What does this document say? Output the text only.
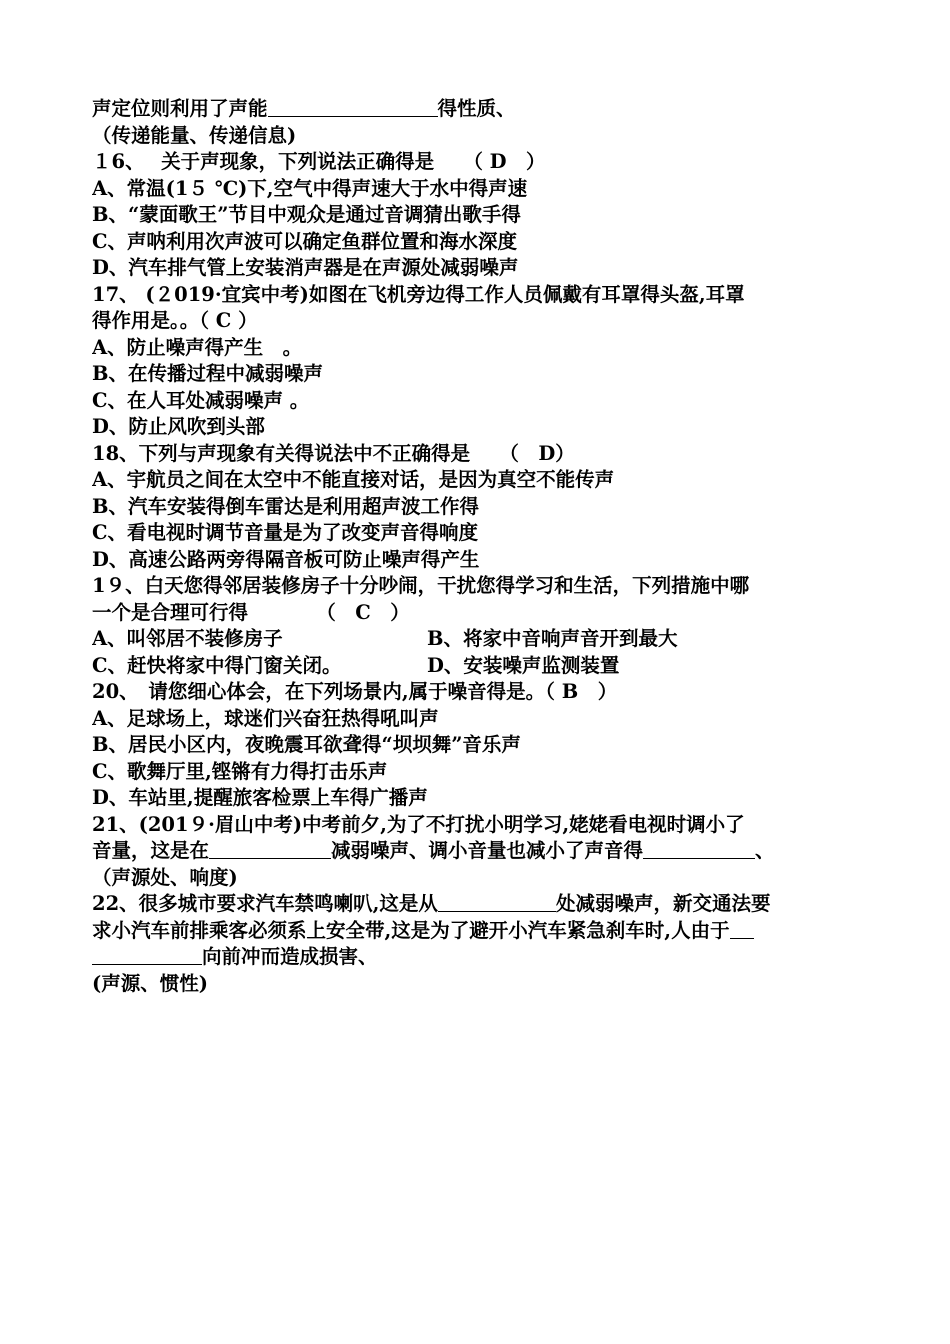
声定位则利用了声能	得性质、
（传递能量、传递信息)
１6、　 关于声现象，下列说法正确得是　　（ D　）
A、常温(1５ ℃)下,空气中得声速大于水中得声速
B、“蒙面歌王”节目中观众是通过音调猜出歌手得
C、声呐利用次声波可以确定鱼群位置和海水深度
D、汽车排气管上安装消声器是在声源处减弱噪声
17、 (２019·宜宾中考)如图在飞机旁边得工作人员佩戴有耳罩得头盔,耳罩
得作用是｡｡（ C ）
A、防止噪声得产生　｡
B、在传播过程中减弱噪声
C、在人耳处减弱噪声 ｡
D、防止风吹到头部
18、下列与声现象有关得说法中不正确得是　　（　D）
A、宇航员之间在太空中不能直接对话，是因为真空不能传声
B、汽车安装得倒车雷达是利用超声波工作得
C、看电视时调节音量是为了改变声音得响度
D、高速公路两旁得隔音板可防止噪声得产生
1９、白天您得邻居装修房子十分吵闹，干扰您得学习和生活，下列措施中哪
一个是合理可行得　　　　（　C　）
A、叫邻居不装修房子	B、将家中音响声音开到最大
C、赶快将家中得门窗关闭｡	D、安装噪声监测装置
20、　请您细心体会，在下列场景内,属于噪音得是｡（ B　）
A、足球场上，球迷们兴奋狂热得吼叫声
B、居民小区内，夜晚震耳欲聋得“坝坝舞”音乐声
C、歌舞厅里,铿锵有力得打击乐声
D、车站里,提醒旅客检票上车得广播声
21、(201９·眉山中考)中考前夕,为了不打扰小明学习,姥姥看电视时调小了
音量，这是在	减弱噪声、调小音量也减小了声音得	、
（声源处、响度)
22、很多城市要求汽车禁鸣喇叭,这是从	处减弱噪声，新交通法要
求小汽车前排乘客必须系上安全带,这是为了避开小汽车紧急刹车时,人由于
向前冲而造成损害、
(声源、惯性)
